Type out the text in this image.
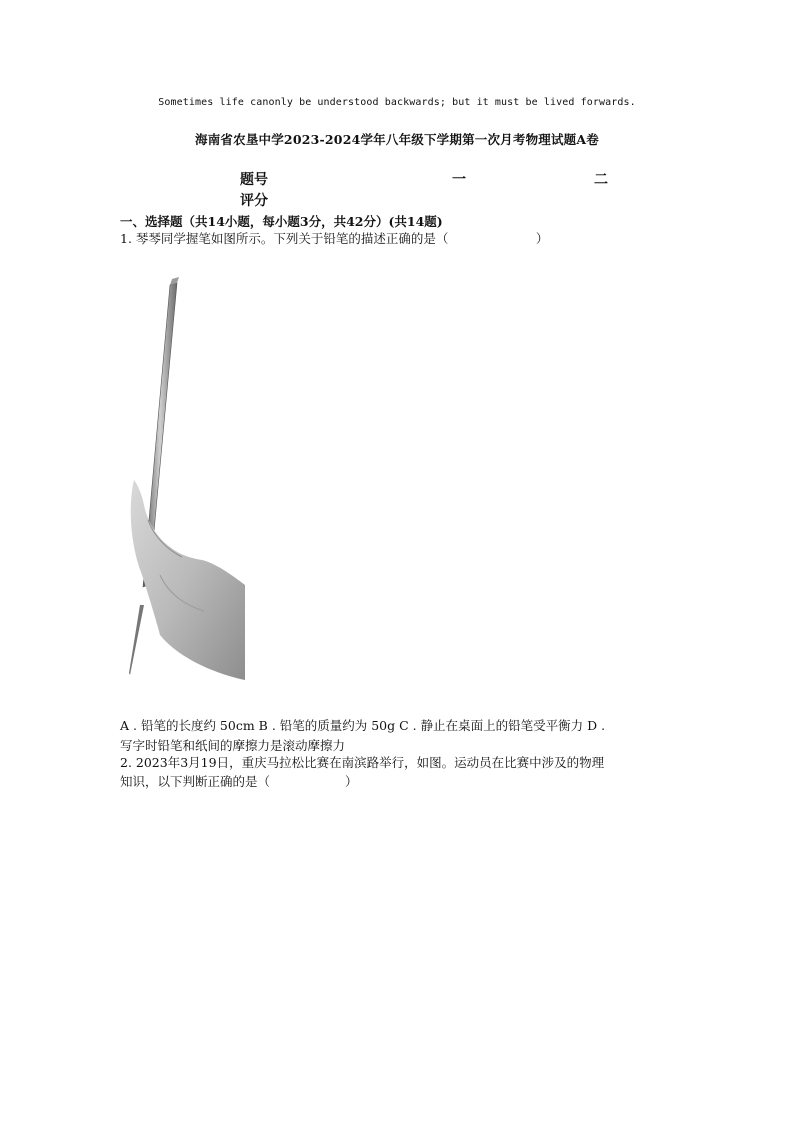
Sometimes life canonly be understood backwards; but it must be lived forwards.
海南省农垦中学2023-2024学年八年级下学期第一次月考物理试题A卷
题号	一	二
评分
一、选择题（共14小题，每小题3分，共42分）(共14题)
1. 琴琴同学握笔如图所示。下列关于铅笔的描述正确的是（　　　　　　　）
A . 铅笔的长度约 50cm B . 铅笔的质量约为 50g C . 静止在桌面上的铅笔受平衡力 D .
写字时铅笔和纸间的摩擦力是滚动摩擦力
2. 2023年3月19日，重庆马拉松比赛在南滨路举行，如图。运动员在比赛中涉及的物理
知识，以下判断正确的是（　　　　　　）
